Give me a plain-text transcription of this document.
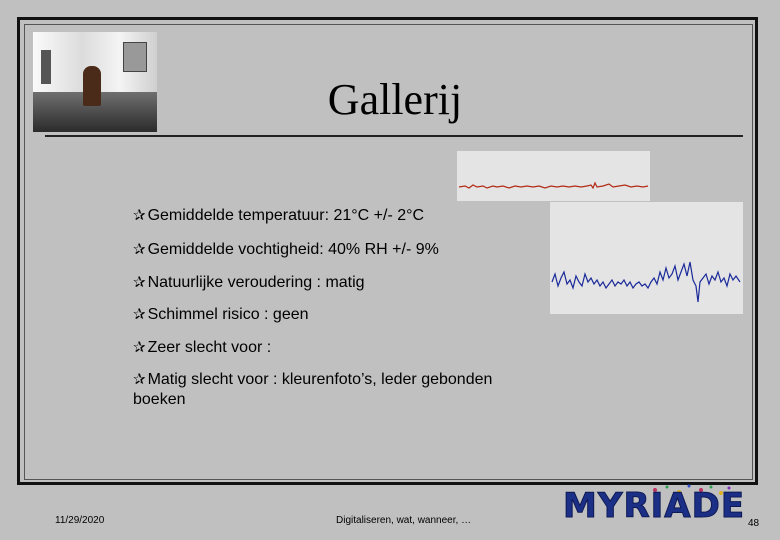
Gallerij

✰ Gemiddelde temperatuur: 21°C +/- 2°C

✰ Gemiddelde vochtigheid: 40% RH +/- 9%

✰ Natuurlijke veroudering : matig

✰ Schimmel risico : geen

✰ Zeer slecht voor :

✰ Matig slecht voor : kleurenfoto’s, leder gebonden boeken

11/29/2020	Digitaliseren, wat, wanneer, …	MYRIADE 48
